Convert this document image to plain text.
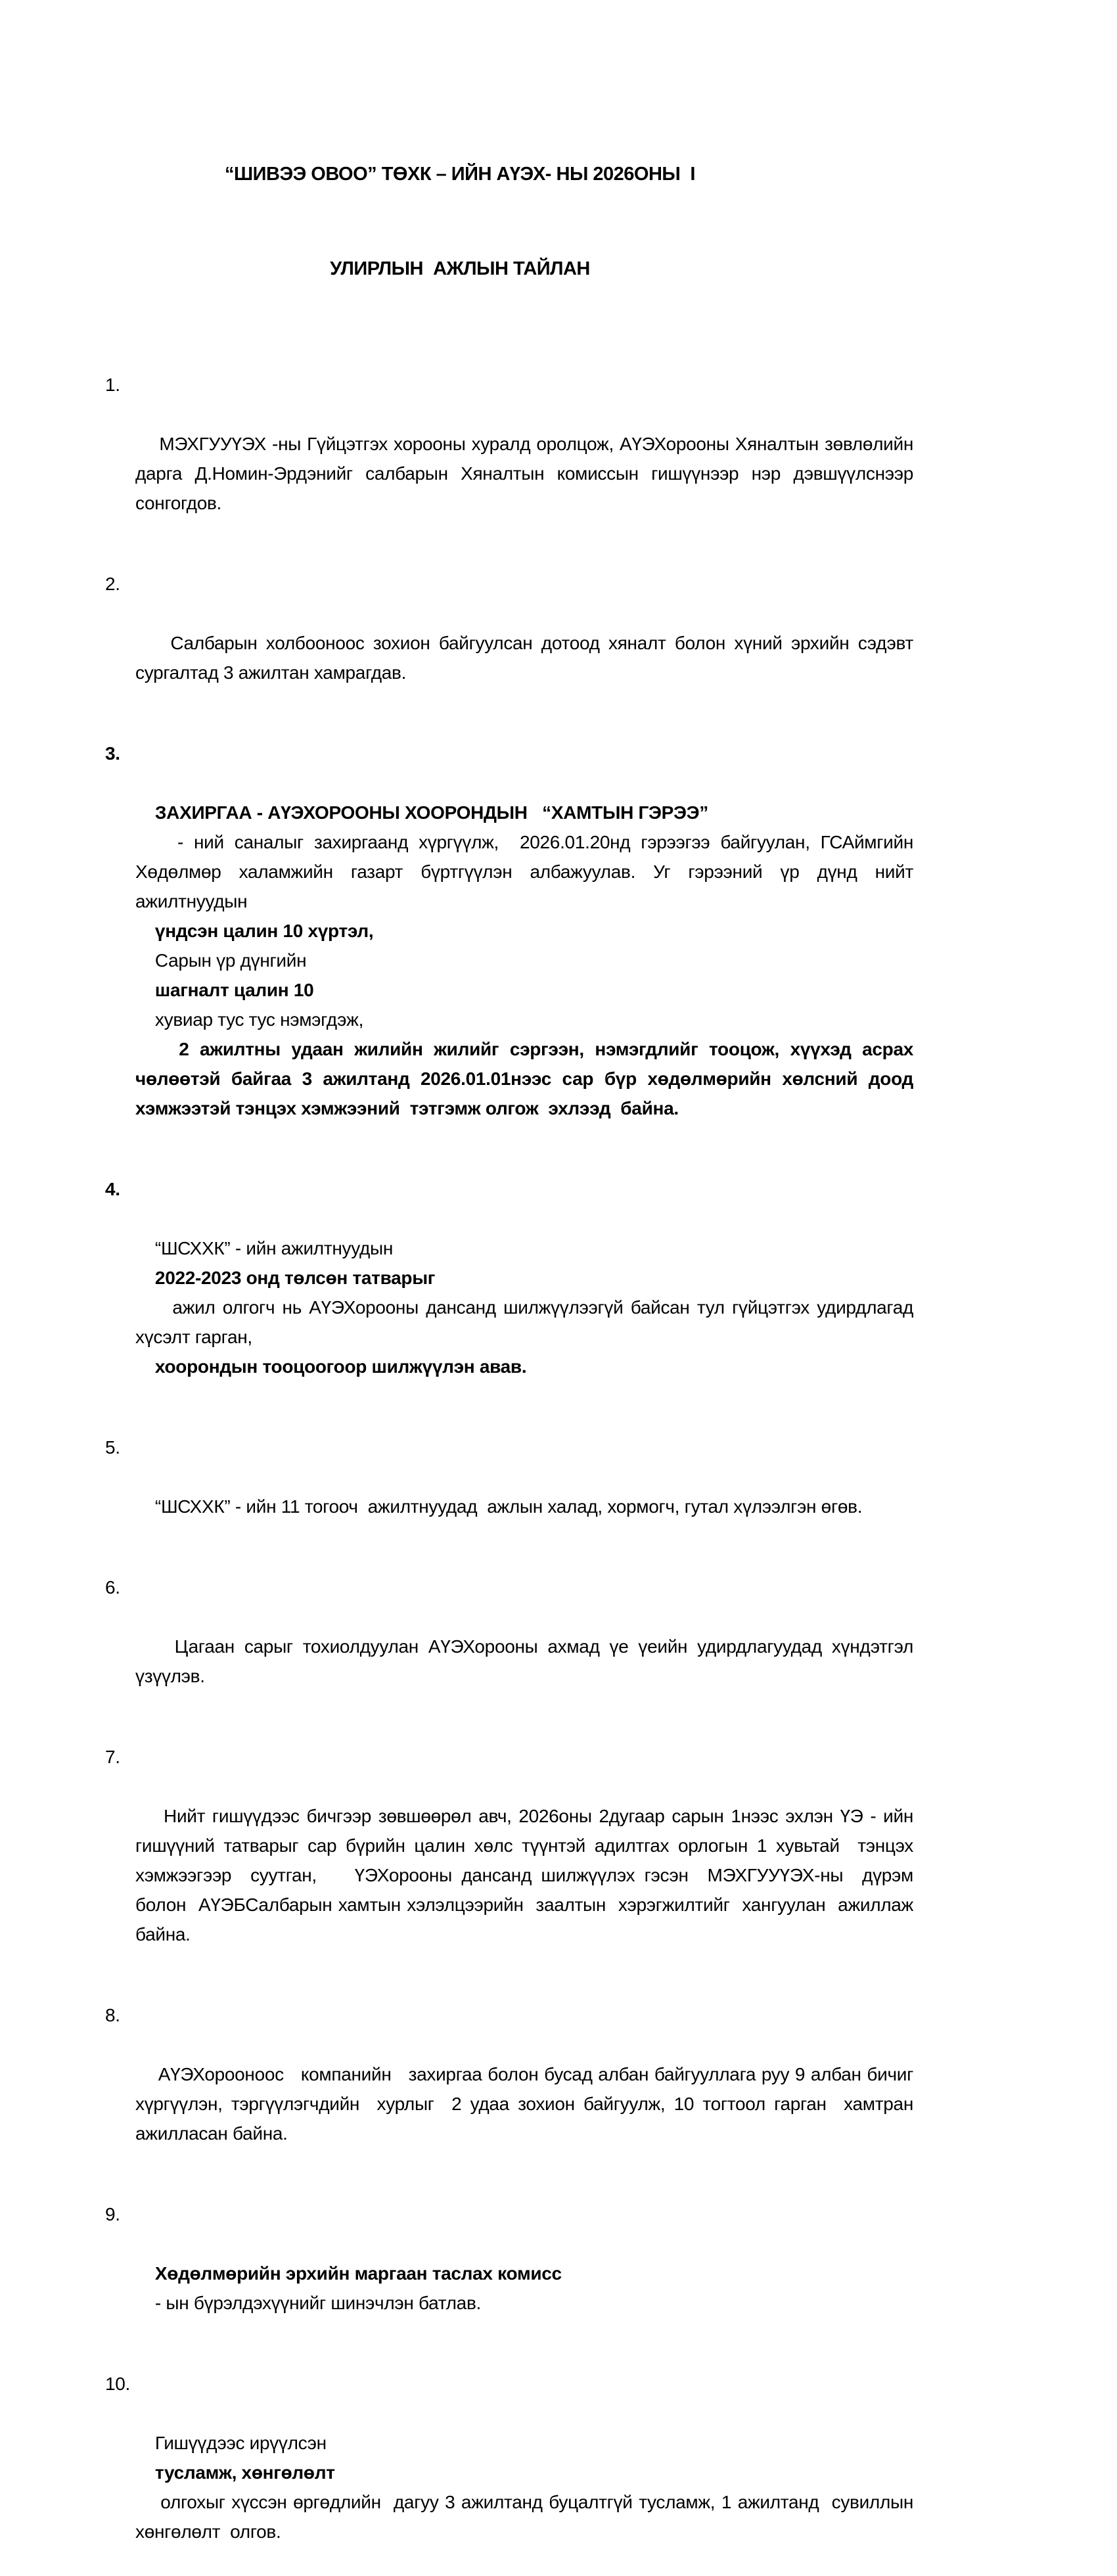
“ШИВЭЭ ОВОО” ТӨХК – ИЙН АҮЭХ- НЫ 2026ОНЫ  I

УЛИРЛЫН  АЖЛЫН ТАЙЛАН

1.

МЭХГУУҮЭХ -ны Гүйцэтгэх хорооны хуралд оролцож, АҮЭХорооны Хяналтын зөвлөлийн дарга Д.Номин-Эрдэнийг салбарын Хяналтын комиссын гишүүнээр нэр дэвшүүлснээр сонгогдов.

2.

Салбарын холбооноос зохион байгуулсан дотоод хяналт болон хүний эрхийн сэдэвт сургалтад 3 ажилтан хамрагдав.

3.

ЗАХИРГАА - АҮЭХОРООНЫ ХООРОНДЫН   “ХАМТЫН ГЭРЭЭ”
- ний саналыг захиргаанд хүргүүлж,  2026.01.20нд гэрээгээ байгуулан, ГСАймгийн Хөдөлмөр халамжийн газарт бүртгүүлэн албажуулав. Уг гэрээний үр дүнд нийт ажилтнуудын
үндсэн цалин 10 хүртэл,
Сарын үр дүнгийн
шагналт цалин 10
хувиар тус тус нэмэгдэж,
2 ажилтны удаан жилийн жилийг сэргээн, нэмэгдлийг тооцож, хүүхэд асрах чөлөөтэй байгаа 3 ажилтанд 2026.01.01нээс сар бүр хөдөлмөрийн хөлсний доод хэмжээтэй тэнцэх хэмжээний  тэтгэмж олгож  эхлээд  байна.

4.

“ШСХХК” - ийн ажилтнуудын
2022-2023 онд төлсөн татварыг
ажил олгогч нь АҮЭХорооны дансанд шилжүүлээгүй байсан тул гүйцэтгэх удирдлагад хүсэлт гарган,
хоорондын тооцоогоор шилжүүлэн авав.

5.

“ШСХХК” - ийн 11 тогооч  ажилтнуудад  ажлын халад, хормогч, гутал хүлээлгэн өгөв.

6.

Цагаан сарыг тохиолдуулан АҮЭХорооны ахмад үе үеийн удирдлагуудад хүндэтгэл үзүүлэв.

7.

Нийт гишүүдээс бичгээр зөвшөөрөл авч, 2026оны 2дугаар сарын 1нээс эхлэн ҮЭ - ийн гишүүний татварыг сар бүрийн цалин хөлс түүнтэй адилтгах орлогын 1 хувьтай  тэнцэх  хэмжээгээр  суутган,    ҮЭХорооны дансанд шилжүүлэх гэсэн  МЭХГУУҮЭХ-ны  дүрэм  болон  АҮЭБСалбарын хамтын хэлэлцээрийн  заалтын  хэрэгжилтийг  хангуулан  ажиллаж байна.

8.

АҮЭХорооноос   компанийн   захиргаа болон бусад албан байгууллага руу 9 албан бичиг хүргүүлэн, тэргүүлэгчдийн  хурлыг  2 удаа зохион байгуулж, 10 тогтоол гарган  хамтран ажилласан байна.

9.

Хөдөлмөрийн эрхийн маргаан таслах комисс
- ын бүрэлдэхүүнийг шинэчлэн батлав.

10.

Гишүүдээс ирүүлсэн
тусламж, хөнгөлөлт
олгохыг хүссэн өргөдлийн  дагуу 3 ажилтанд буцалтгүй тусламж, 1 ажилтанд  сувиллын  хөнгөлөлт  олгов.
